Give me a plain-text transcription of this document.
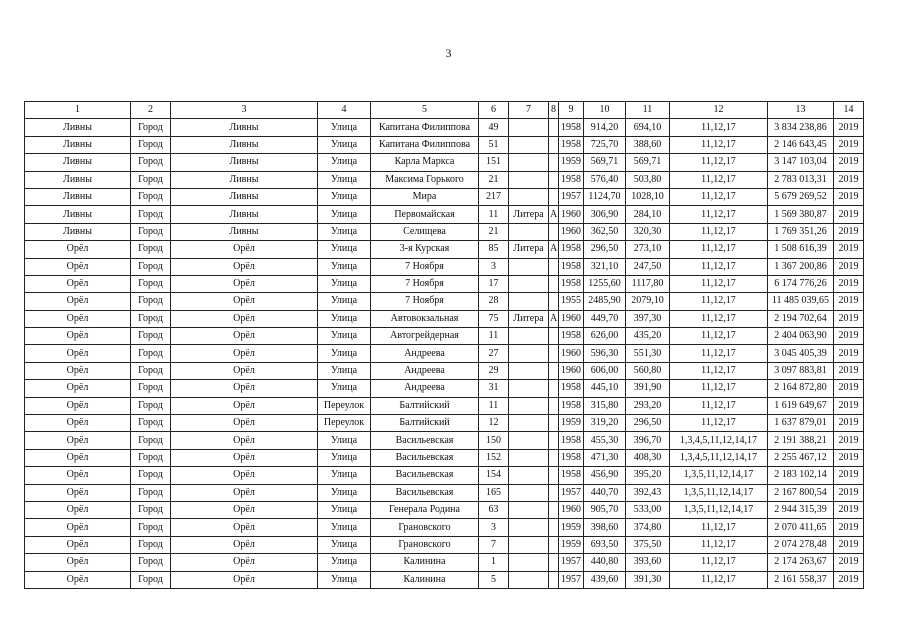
3
1	2	3	4	5	6	7	8	9	10	11	12	13	14
Ливны	Город	Ливны	Улица	Капитана Филиппова	49			1958	914,20	694,10	11,12,17	3 834 238,86	2019
Ливны	Город	Ливны	Улица	Капитана Филиппова	51			1958	725,70	388,60	11,12,17	2 146 643,45	2019
Ливны	Город	Ливны	Улица	Карла Маркса	151			1959	569,71	569,71	11,12,17	3 147 103,04	2019
Ливны	Город	Ливны	Улица	Максима Горького	21			1958	576,40	503,80	11,12,17	2 783 013,31	2019
Ливны	Город	Ливны	Улица	Мира	217			1957	1124,70	1028,10	11,12,17	5 679 269,52	2019
Ливны	Город	Ливны	Улица	Первомайская	11	Литера	А	1960	306,90	284,10	11,12,17	1 569 380,87	2019
Ливны	Город	Ливны	Улица	Селищева	21			1960	362,50	320,30	11,12,17	1 769 351,26	2019
Орёл	Город	Орёл	Улица	3-я Курская	85	Литера	А	1958	296,50	273,10	11,12,17	1 508 616,39	2019
Орёл	Город	Орёл	Улица	7 Ноября	3			1958	321,10	247,50	11,12,17	1 367 200,86	2019
Орёл	Город	Орёл	Улица	7 Ноября	17			1958	1255,60	1117,80	11,12,17	6 174 776,26	2019
Орёл	Город	Орёл	Улица	7 Ноября	28			1955	2485,90	2079,10	11,12,17	11 485 039,65	2019
Орёл	Город	Орёл	Улица	Автовокзальная	75	Литера	А	1960	449,70	397,30	11,12,17	2 194 702,64	2019
Орёл	Город	Орёл	Улица	Автогрейдерная	11			1958	626,00	435,20	11,12,17	2 404 063,90	2019
Орёл	Город	Орёл	Улица	Андреева	27			1960	596,30	551,30	11,12,17	3 045 405,39	2019
Орёл	Город	Орёл	Улица	Андреева	29			1960	606,00	560,80	11,12,17	3 097 883,81	2019
Орёл	Город	Орёл	Улица	Андреева	31			1958	445,10	391,90	11,12,17	2 164 872,80	2019
Орёл	Город	Орёл	Переулок	Балтийский	11			1958	315,80	293,20	11,12,17	1 619 649,67	2019
Орёл	Город	Орёл	Переулок	Балтийский	12			1959	319,20	296,50	11,12,17	1 637 879,01	2019
Орёл	Город	Орёл	Улица	Васильевская	150			1958	455,30	396,70	1,3,4,5,11,12,14,17	2 191 388,21	2019
Орёл	Город	Орёл	Улица	Васильевская	152			1958	471,30	408,30	1,3,4,5,11,12,14,17	2 255 467,12	2019
Орёл	Город	Орёл	Улица	Васильевская	154			1958	456,90	395,20	1,3,5,11,12,14,17	2 183 102,14	2019
Орёл	Город	Орёл	Улица	Васильевская	165			1957	440,70	392,43	1,3,5,11,12,14,17	2 167 800,54	2019
Орёл	Город	Орёл	Улица	Генерала Родина	63			1960	905,70	533,00	1,3,5,11,12,14,17	2 944 315,39	2019
Орёл	Город	Орёл	Улица	Грановского	3			1959	398,60	374,80	11,12,17	2 070 411,65	2019
Орёл	Город	Орёл	Улица	Грановского	7			1959	693,50	375,50	11,12,17	2 074 278,48	2019
Орёл	Город	Орёл	Улица	Калинина	1			1957	440,80	393,60	11,12,17	2 174 263,67	2019
Орёл	Город	Орёл	Улица	Калинина	5			1957	439,60	391,30	11,12,17	2 161 558,37	2019
